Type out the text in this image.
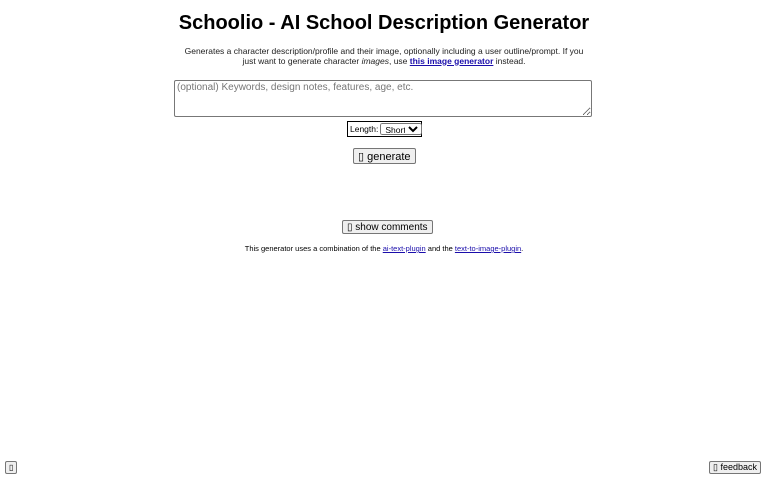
Schoolio - AI School Description Generator
Generates a character description/profile and their image, optionally including a user outline/prompt. If you just want to generate character images, use this image generator instead.
(optional) Keywords, design notes, features, age, etc.
Length:
Short
▯ generate
▯ show comments
This generator uses a combination of the ai-text-plugin and the text-to-image-plugin.
▯	▯ feedback
